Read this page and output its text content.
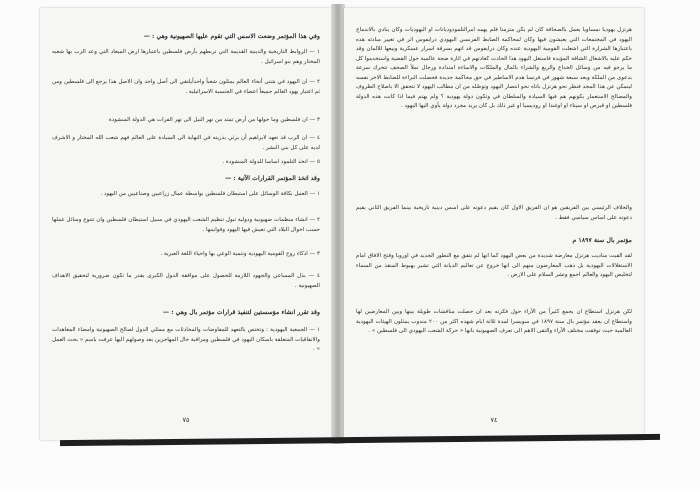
وفي هذا المؤتمر وضعت الاسس التي تقوم عليها الصهيونية وهي : —
١ — الروابط التاريخية والدينية القديمة التي تربطهم بأرض فلسطين باعتبارها ارض الميعاد التي وعد الرب بها شعبه المختار وهم بنو اسرائيل .
٢ — ان اليهود في شتى أنحاء العالم يمثلون شعباً واحداًيلتقي الى أصل واحد وان الاصل هذا يرجع الى فلسطين ومن ثم اعتبار يهود العالم جميعاً اعضاء في الجنسية الاسرائيلية .
٣ — ان فلسطين وما حولها من أرض تمتد من نهر النيل الى نهر الفرات هي الدولة المنشودة
٤ — ان الرب قد تعهد لابراهيم أن يرثي بذريته في النهاية الى السيادة على العالم فهم شعب الله المختار و الاشرف لديه على كل بني البشر .
٥ — اتخذ التلمود اساسا للدولة المنشودة .
وقد اتخذ المؤتمر القرارات الآتية : —
١ — العمل بكافة الوسائل على استيطان فلسطين بواسطة عمال زراعيين وصناعيين من اليهود .
٢ — انشاء منظمات صهيونية ودولية تبول تنظيم الشعب اليهودي في سبيل استيطان فلسطين وان تتنوع وسائل عملها حسب احوال البلاد التي تعيش فيها اليهود وقوانينها .
٣ — اذكاء روح القومية اليهودية وتنمية الوعي بها واحياء اللغة العبرية .
٤ — بذل المساعي والجهود اللازمة للحصول على موافقة الدول الكبرى بقدر ما تكون ضرورية لتحقيق الاهداف الصهيونية .
وقد تقرر انشاء مؤسستين لتنفيذ قرارات مؤتمر بال وهي : —
١ — الجمعية اليهودية : وتختص بالتعهد للمفاوضات والمحادثات مع ممثلي الدول لصالح الصهيونية وامضاء المعاهدات والاتفاقيات المتعلقة باسكان اليهود في فلسطين ومراقبة حال المهاجرين بعد وصولهم اليها عرفت باسم « بحث العمل » .
٧٥
هرتزل يهوديا نمساويا يعمل بالصحافة كان لم يكن متزمتا فلم يهمه امرالتلمودوديانات او اليهوديات وكان ينادي بالاندماج اليهود في المجتمعات التي يعيشون فيها وكان لمحاكمة الضابط الفرنسي اليهودي درايفوس اثر في تغيير مبادئه هذه باعتبارها الشرارة التي اشعلت القومية اليهودية عنده وكان درايفوس قد اتهم بسرقة اسرار عسكرية وبيعها للالمان وقد حكم عليه بالاشغال الشاقة المؤبدة فاستغل اليهود هذا الحادث كعادتهم في اثارة ضجة عالمية حول القضية واستخدموا كل ما يرجو فيه من وسائل الخداع والريع والشراء بالمال والملكات والاساءة امتدادة ورجال تملأ الصحف تتحرك سرعة بدعوى من الملكة وبعد سبعة شهور في فرنسا هدم الاساطير في حق محاكمة جديدة فحصلت البراءة للضابط الاخر نفسه ليتمكن عن هذا المجد فنظر نحو هرتزل باناه نحو انتصار اليهود وتوصّله من ان مطالب اليهود لا تتحقق الا باصلاح الظروف والمصالح الاستعمار بكونهم هم فيها السيادة والسلطان في وتكون دولة يهودية ؟ ولم يهتم فيما اذا كانت هذه الدولة فلسطين او قبرص او سيناء او اوغندا او روديسيا او غير ذلك بل كان يريد مجرد دولة يأوي اليها اليهود .
والخلاف الرئيسي بين الفريقين هو ان الفريق الاول كان يقيم دعوته على اسس دينية تاريخية بينما الفريق الثاني يقيم دعوته على اساس سياسي فقط .
مؤتمر بال سنة ١٨٩٧ م
لقد القيت مناديب هرتزل معارضة شديدة من بعض اليهود كما انها لم تتفق مع التطور الجديد في اوروبا وقتح الافاق امام الاستغلالات اليهودية بل ذهب المعارضون منهم الى انها خروج عن تعاليم الديانة التي تشير بهبوط المنقذ من السماء لتخليص اليهود والعالم اجمع وتشر السلام على الارض .
لكن هرتزل استطاع ان يجمع كثيراً من الآراء حول فكرته بعد ان حصلت مناقشات طويلة بينها وبين المعارضين لها واستطاع ان يعقد مؤتمر بال سنة ١٨٩٧ في سويسرا لمدة ثلاثة ايام شهده اكثر من ٢٠٠ مندوب يمثلون الهيئات اليهودية العالمية حيث توفقت مختلف الآراء والتقى الاهم الى تعرف الصهيونية بانها « حركة الشعب اليهودي الى فلسطين » .
٧٤
